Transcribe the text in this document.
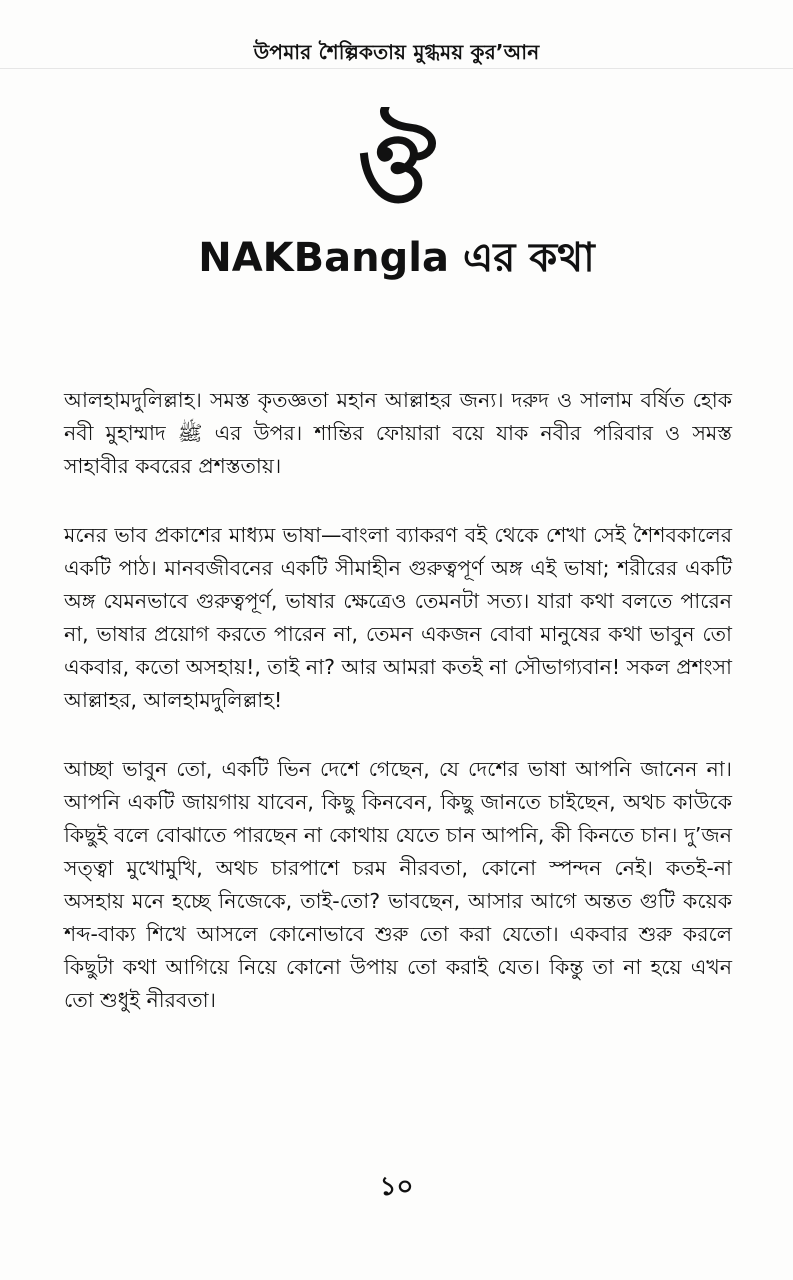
উপমার শৈল্পিকতায় মুগ্ধময় কুর’আন
ঔ
NAKBangla এর কথা

আলহামদুলিল্লাহ। সমস্ত কৃতজ্ঞতা মহান আল্লাহর জন্য। দরুদ ও সালাম বর্ষিত হোক নবী মুহাম্মাদ ﷺ এর উপর। শান্তির ফোয়ারা বয়ে যাক নবীর পরিবার ও সমস্ত সাহাবীর কবরের প্রশস্ততায়।

মনের ভাব প্রকাশের মাধ্যম ভাষা—বাংলা ব্যাকরণ বই থেকে শেখা সেই শৈশবকালের একটি পাঠ। মানবজীবনের একটি সীমাহীন গুরুত্বপূর্ণ অঙ্গ এই ভাষা; শরীরের একটি অঙ্গ যেমনভাবে গুরুত্বপূর্ণ, ভাষার ক্ষেত্রেও তেমনটা সত্য। যারা কথা বলতে পারেন না, ভাষার প্রয়োগ করতে পারেন না, তেমন একজন বোবা মানুষের কথা ভাবুন তো একবার, কতো অসহায়!, তাই না? আর আমরা কতই না সৌভাগ্যবান! সকল প্রশংসা আল্লাহর, আলহামদুলিল্লাহ!

আচ্ছা ভাবুন তো, একটি ভিন দেশে গেছেন, যে দেশের ভাষা আপনি জানেন না। আপনি একটি জায়গায় যাবেন, কিছু কিনবেন, কিছু জানতে চাইছেন, অথচ কাউকে কিছুই বলে বোঝাতে পারছেন না কোথায় যেতে চান আপনি, কী কিনতে চান। দু’জন সত্ত্বা মুখোমুখি, অথচ চারপাশে চরম নীরবতা, কোনো স্পন্দন নেই। কতই-না অসহায় মনে হচ্ছে নিজেকে, তাই-তো? ভাবছেন, আসার আগে অন্তত গুটি কয়েক শব্দ-বাক্য শিখে আসলে কোনোভাবে শুরু তো করা যেতো। একবার শুরু করলে কিছুটা কথা আগিয়ে নিয়ে কোনো উপায় তো করাই যেত। কিন্তু তা না হয়ে এখন তো শুধুই নীরবতা।

১০
